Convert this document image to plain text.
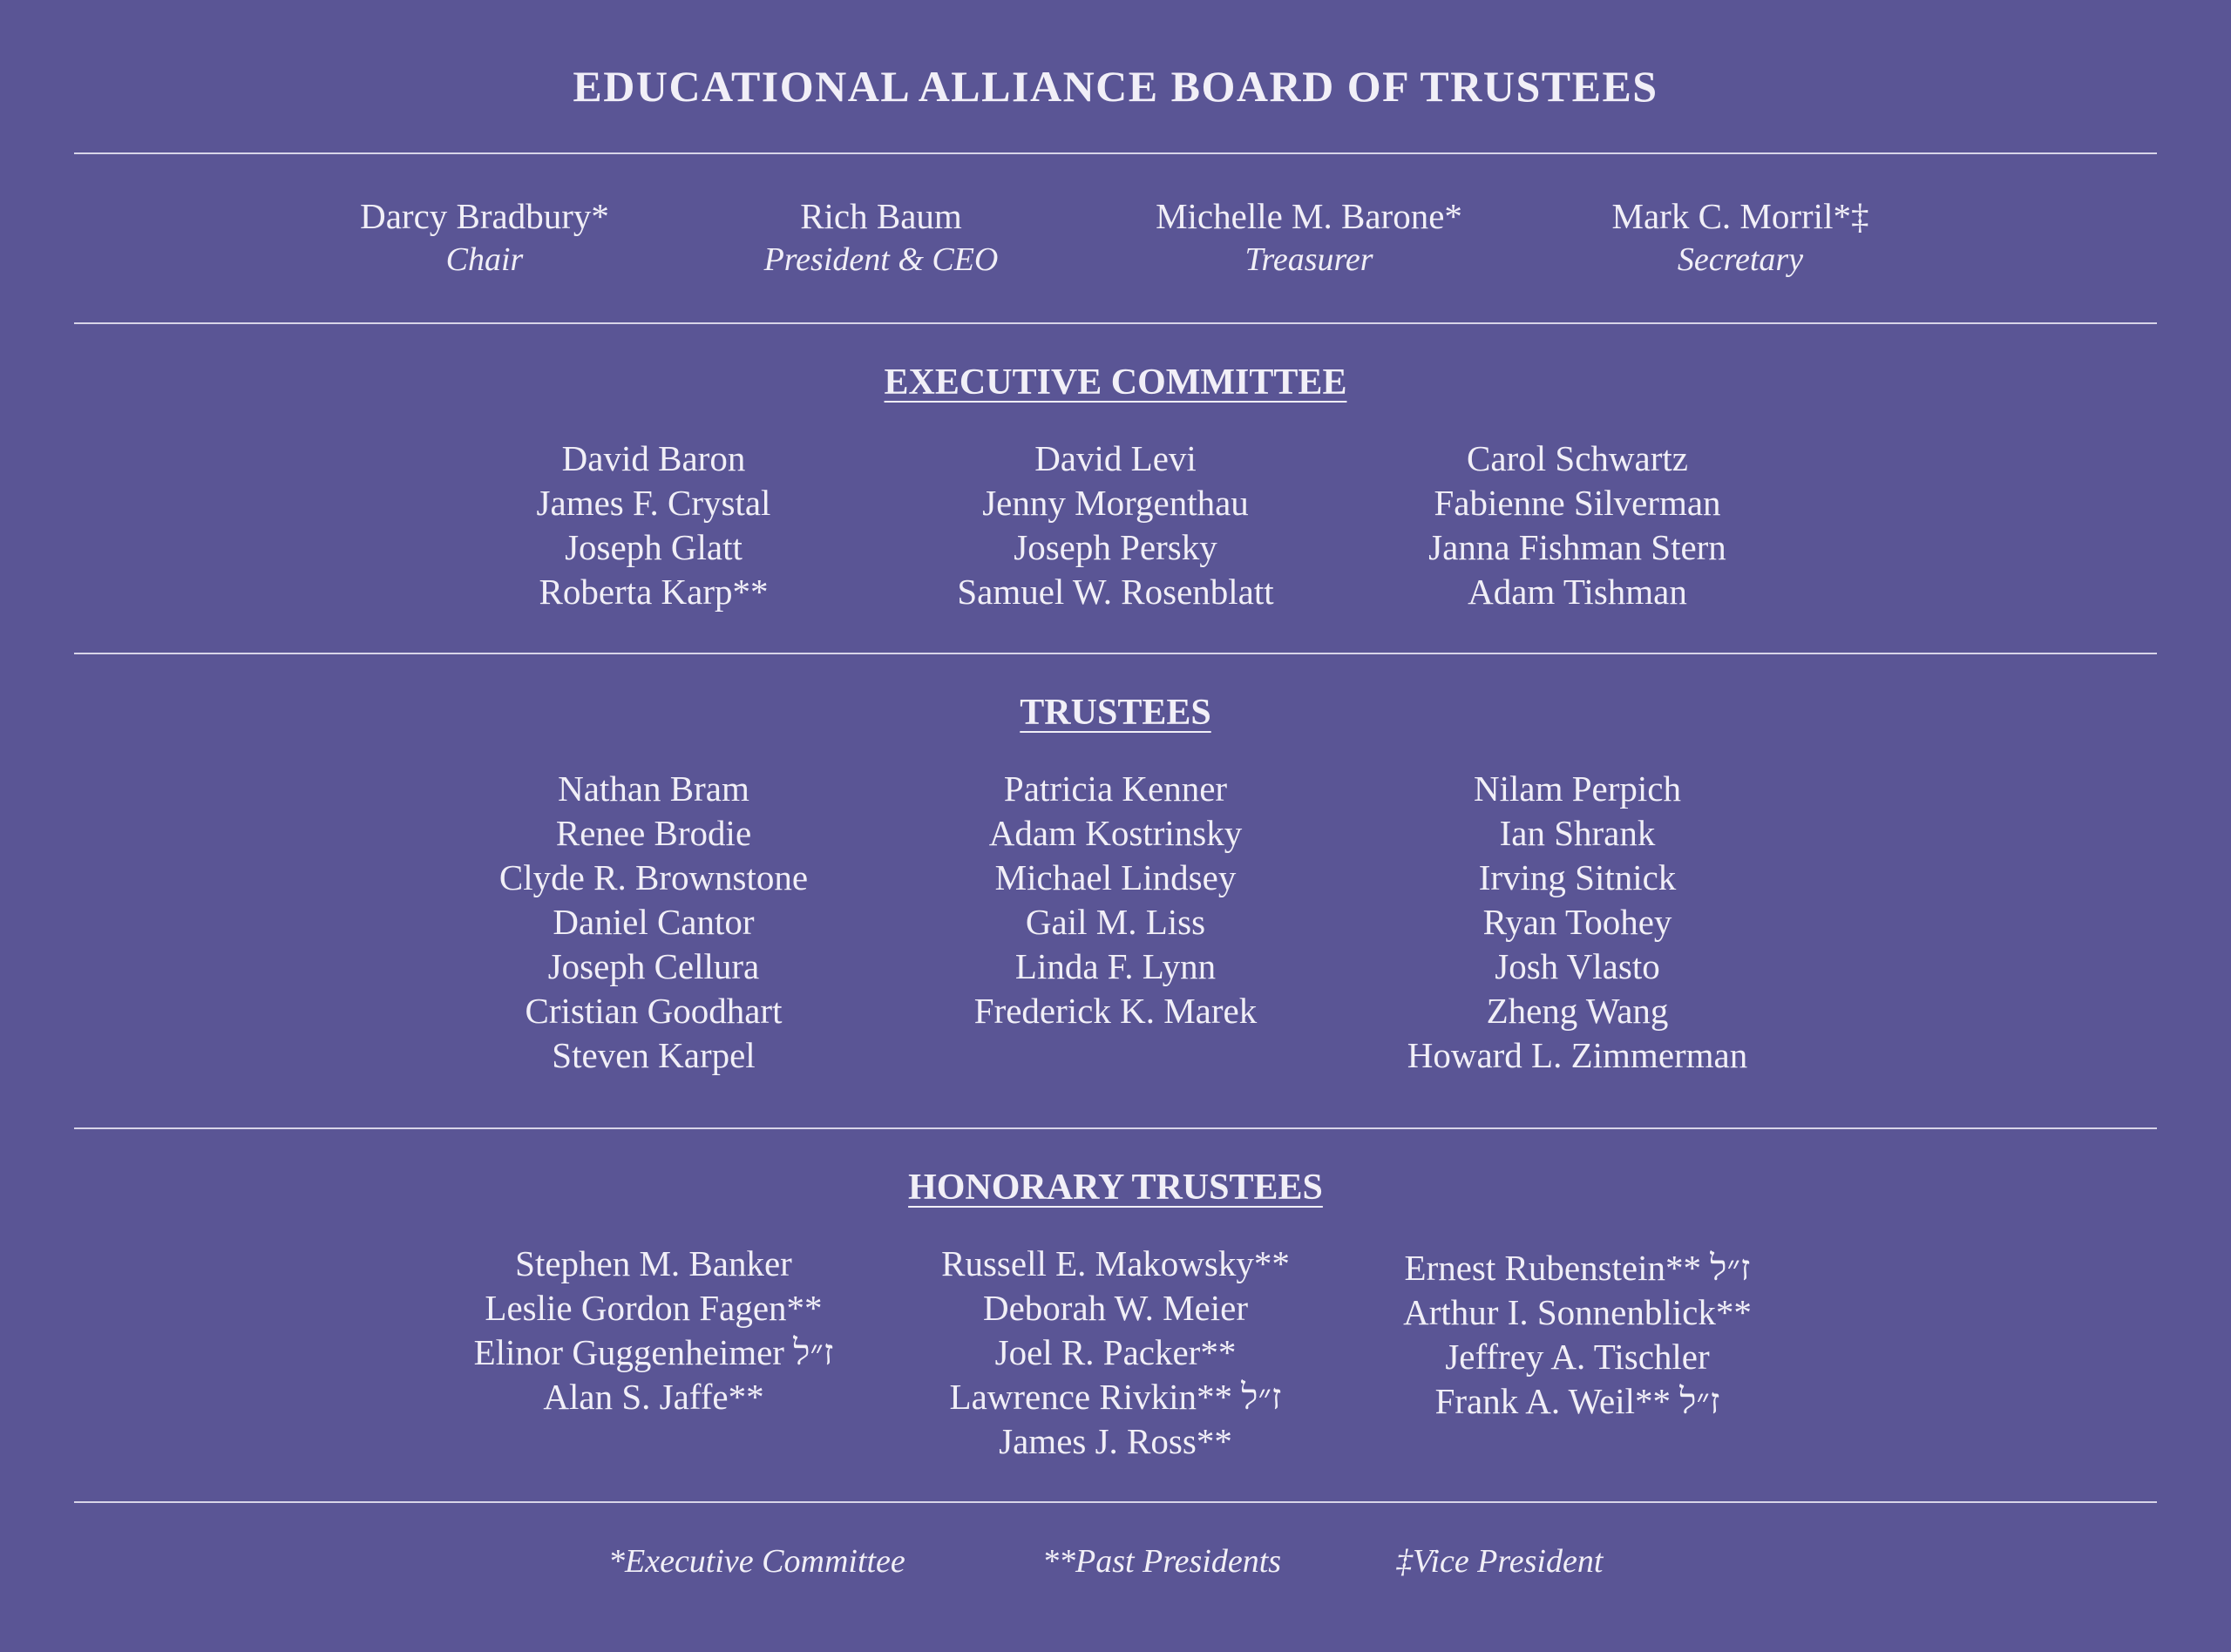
EDUCATIONAL ALLIANCE BOARD OF TRUSTEES
Darcy Bradbury*
Chair
Rich Baum
President & CEO
Michelle M. Barone*
Treasurer
Mark C. Morril*‡
Secretary
EXECUTIVE COMMITTEE
David Baron
James F. Crystal
Joseph Glatt
Roberta Karp**
David Levi
Jenny Morgenthau
Joseph Persky
Samuel W. Rosenblatt
Carol Schwartz
Fabienne Silverman
Janna Fishman Stern
Adam Tishman
TRUSTEES
Nathan Bram
Renee Brodie
Clyde R. Brownstone
Daniel Cantor
Joseph Cellura
Cristian Goodhart
Steven Karpel
Patricia Kenner
Adam Kostrinsky
Michael Lindsey
Gail M. Liss
Linda F. Lynn
Frederick K. Marek
Nilam Perpich
Ian Shrank
Irving Sitnick
Ryan Toohey
Josh Vlasto
Zheng Wang
Howard L. Zimmerman
HONORARY TRUSTEES
Stephen M. Banker
Leslie Gordon Fagen**
Elinor Guggenheimer ז״ל
Alan S. Jaffe**
Russell E. Makowsky**
Deborah W. Meier
Joel R. Packer**
Lawrence Rivkin** ז״ל
James J. Ross**
Ernest Rubenstein** ז״ל
Arthur I. Sonnenblick**
Jeffrey A. Tischler
Frank A. Weil** ז״ל
*Executive Committee	**Past Presidents	‡Vice President
